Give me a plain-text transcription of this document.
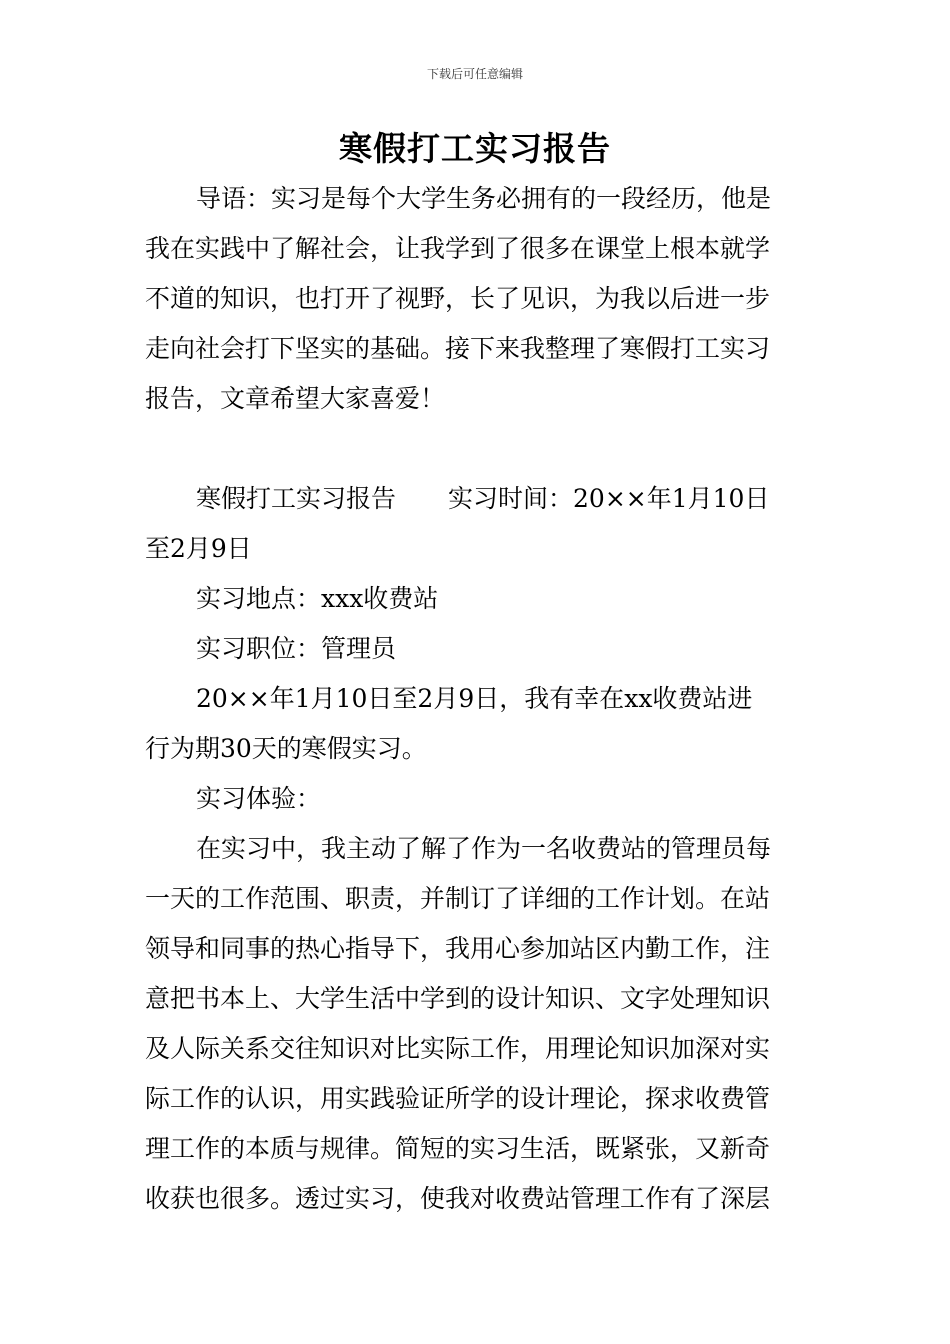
下载后可任意编辑
寒假打工实习报告
导语：实习是每个大学生务必拥有的一段经历，他是
我在实践中了解社会，让我学到了很多在课堂上根本就学
不道的知识，也打开了视野，长了见识，为我以后进一步
走向社会打下坚实的基础。接下来我整理了寒假打工实习
报告，文章希望大家喜爱！
寒假打工实习报告 实习时间：20××年1月10日
至2月9日
实习地点：xxx收费站
实习职位：管理员
20××年1月10日至2月9日，我有幸在xx收费站进
行为期30天的寒假实习。
实习体验：
在实习中，我主动了解了作为一名收费站的管理员每
一天的工作范围、职责，并制订了详细的工作计划。在站
领导和同事的热心指导下，我用心参加站区内勤工作，注
意把书本上、大学生活中学到的设计知识、文字处理知识
及人际关系交往知识对比实际工作，用理论知识加深对实
际工作的认识，用实践验证所学的设计理论，探求收费管
理工作的本质与规律。简短的实习生活，既紧张，又新奇
收获也很多。透过实习，使我对收费站管理工作有了深层
